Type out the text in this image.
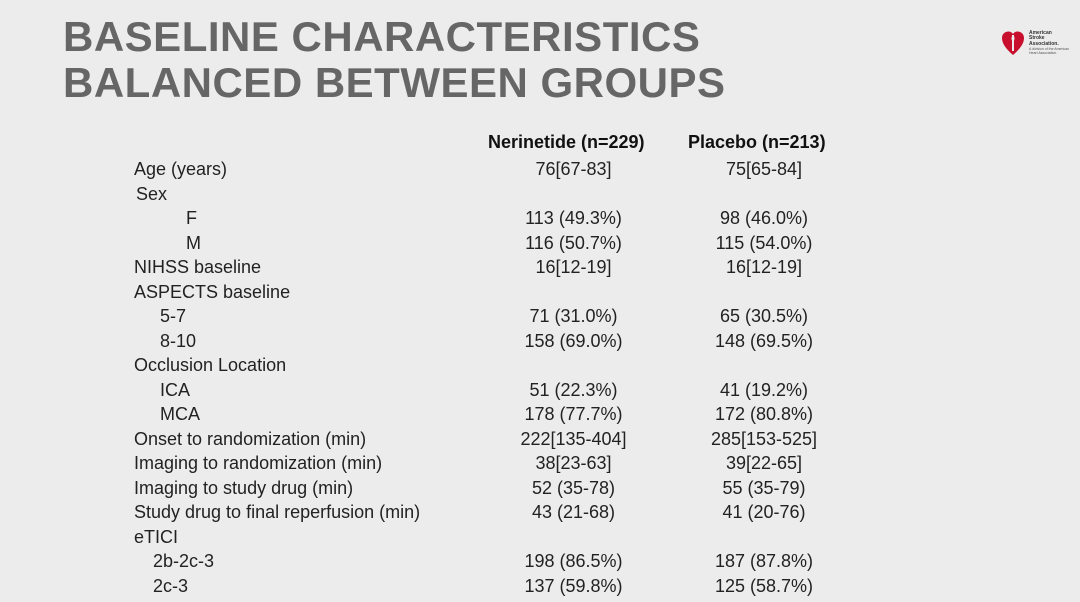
BASELINE CHARACTERISTICS
BALANCED BETWEEN GROUPS
American
Stroke
Association.
A division of the American Heart Association.
Nerinetide (n=229) Placebo (n=213)
Age (years)	76[67-83]	75[65-84]
Sex
F	113 (49.3%)	98 (46.0%)
M	116 (50.7%)	115 (54.0%)
NIHSS baseline	16[12-19]	16[12-19]
ASPECTS baseline
5-7	71 (31.0%)	65 (30.5%)
8-10	158 (69.0%)	148 (69.5%)
Occlusion Location
ICA	51 (22.3%)	41 (19.2%)
MCA	178 (77.7%)	172 (80.8%)
Onset to randomization (min)	222[135-404]	285[153-525]
Imaging to randomization (min)	38[23-63]	39[22-65]
Imaging to study drug (min)	52 (35-78)	55 (35-79)
Study drug to final reperfusion (min)	43 (21-68)	41 (20-76)
eTICI
2b-2c-3	198 (86.5%)	187 (87.8%)
2c-3	137 (59.8%)	125 (58.7%)
